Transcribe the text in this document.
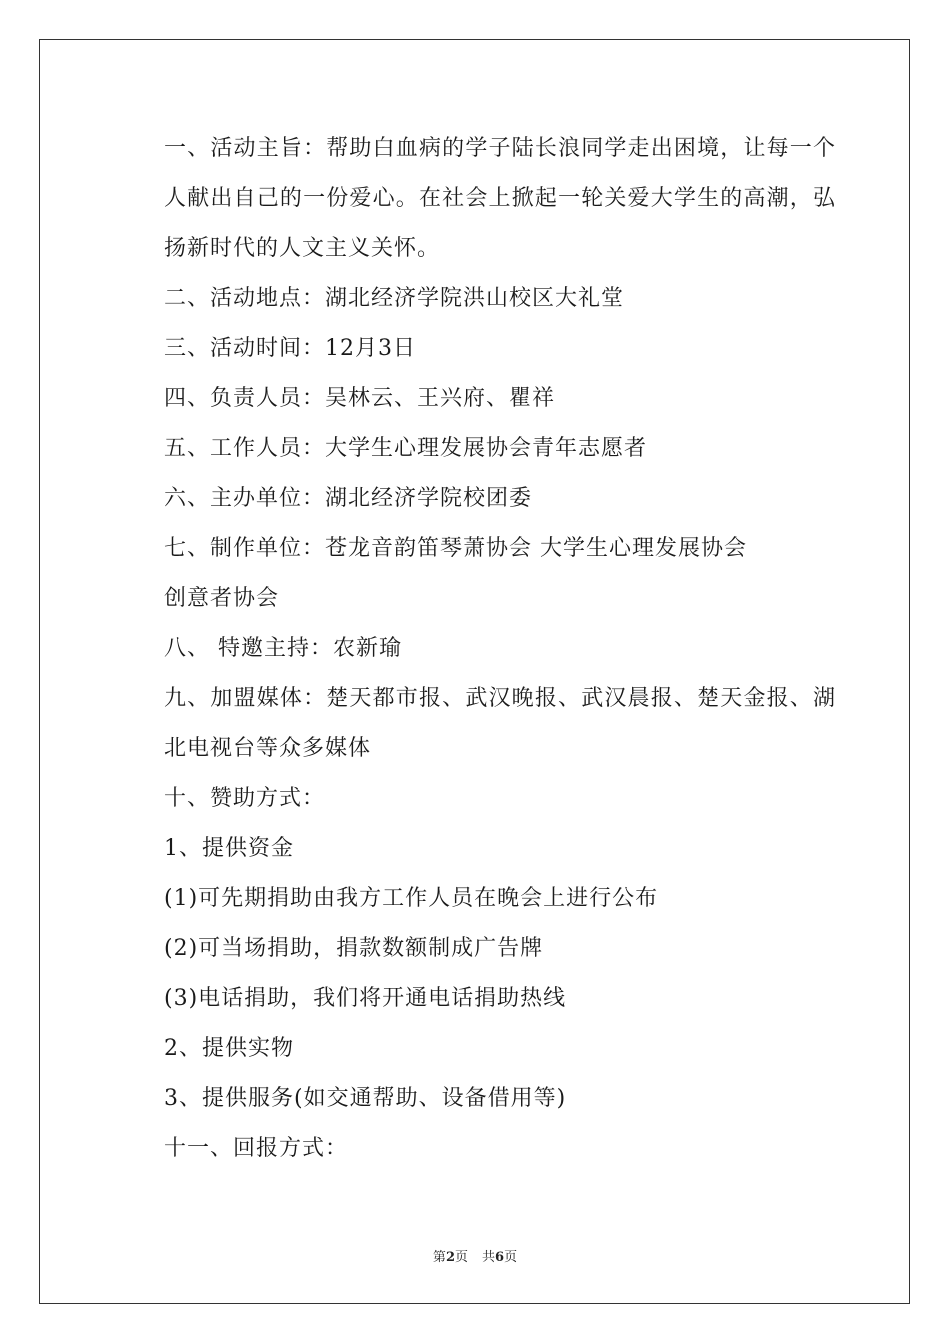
一、活动主旨：帮助白血病的学子陆长浪同学走出困境，让每一个人献出自己的一份爱心。在社会上掀起一轮关爱大学生的高潮，弘扬新时代的人文主义关怀。

二、活动地点：湖北经济学院洪山校区大礼堂

三、活动时间：12月3日

四、负责人员：吴林云、王兴府、瞿祥

五、工作人员：大学生心理发展协会青年志愿者

六、主办单位：湖北经济学院校团委

七、制作单位：苍龙音韵笛琴萧协会 大学生心理发展协会

创意者协会

八、 特邀主持：农新瑜

九、加盟媒体：楚天都市报、武汉晚报、武汉晨报、楚天金报、湖北电视台等众多媒体

十、赞助方式：

1、提供资金

(1)可先期捐助由我方工作人员在晚会上进行公布

(2)可当场捐助，捐款数额制成广告牌

(3)电话捐助，我们将开通电话捐助热线

2、提供实物

3、提供服务(如交通帮助、设备借用等)

十一、回报方式：

第2页 共6页
